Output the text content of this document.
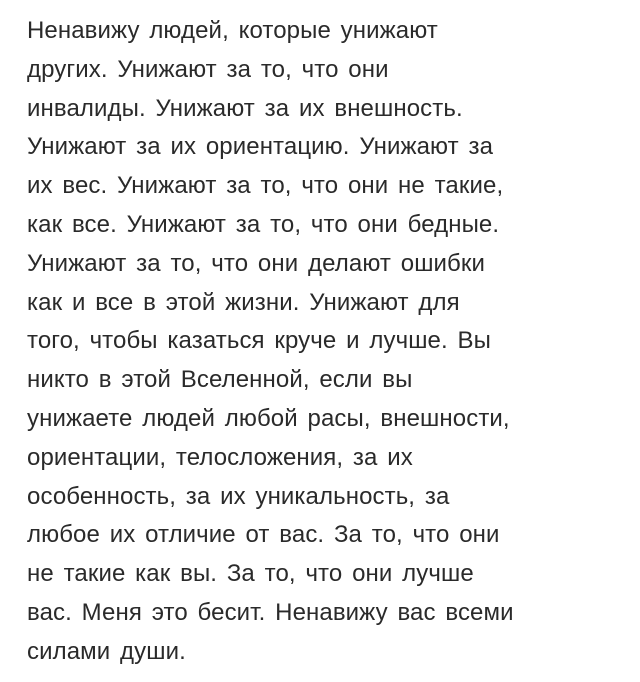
Ненавижу людей, которые унижают
других. Унижают за то, что они
инвалиды. Унижают за их внешность.
Унижают за их ориентацию. Унижают за
их вес. Унижают за то, что они не такие,
как все. Унижают за то, что они бедные.
Унижают за то, что они делают ошибки
как и все в этой жизни. Унижают для
того, чтобы казаться круче и лучше. Вы
никто в этой Вселенной, если вы
унижаете людей любой расы, внешности,
ориентации, телосложения, за их
особенность, за их уникальность, за
любое их отличие от вас. За то, что они
не такие как вы. За то, что они лучше
вас. Меня это бесит. Ненавижу вас всеми
силами души.
